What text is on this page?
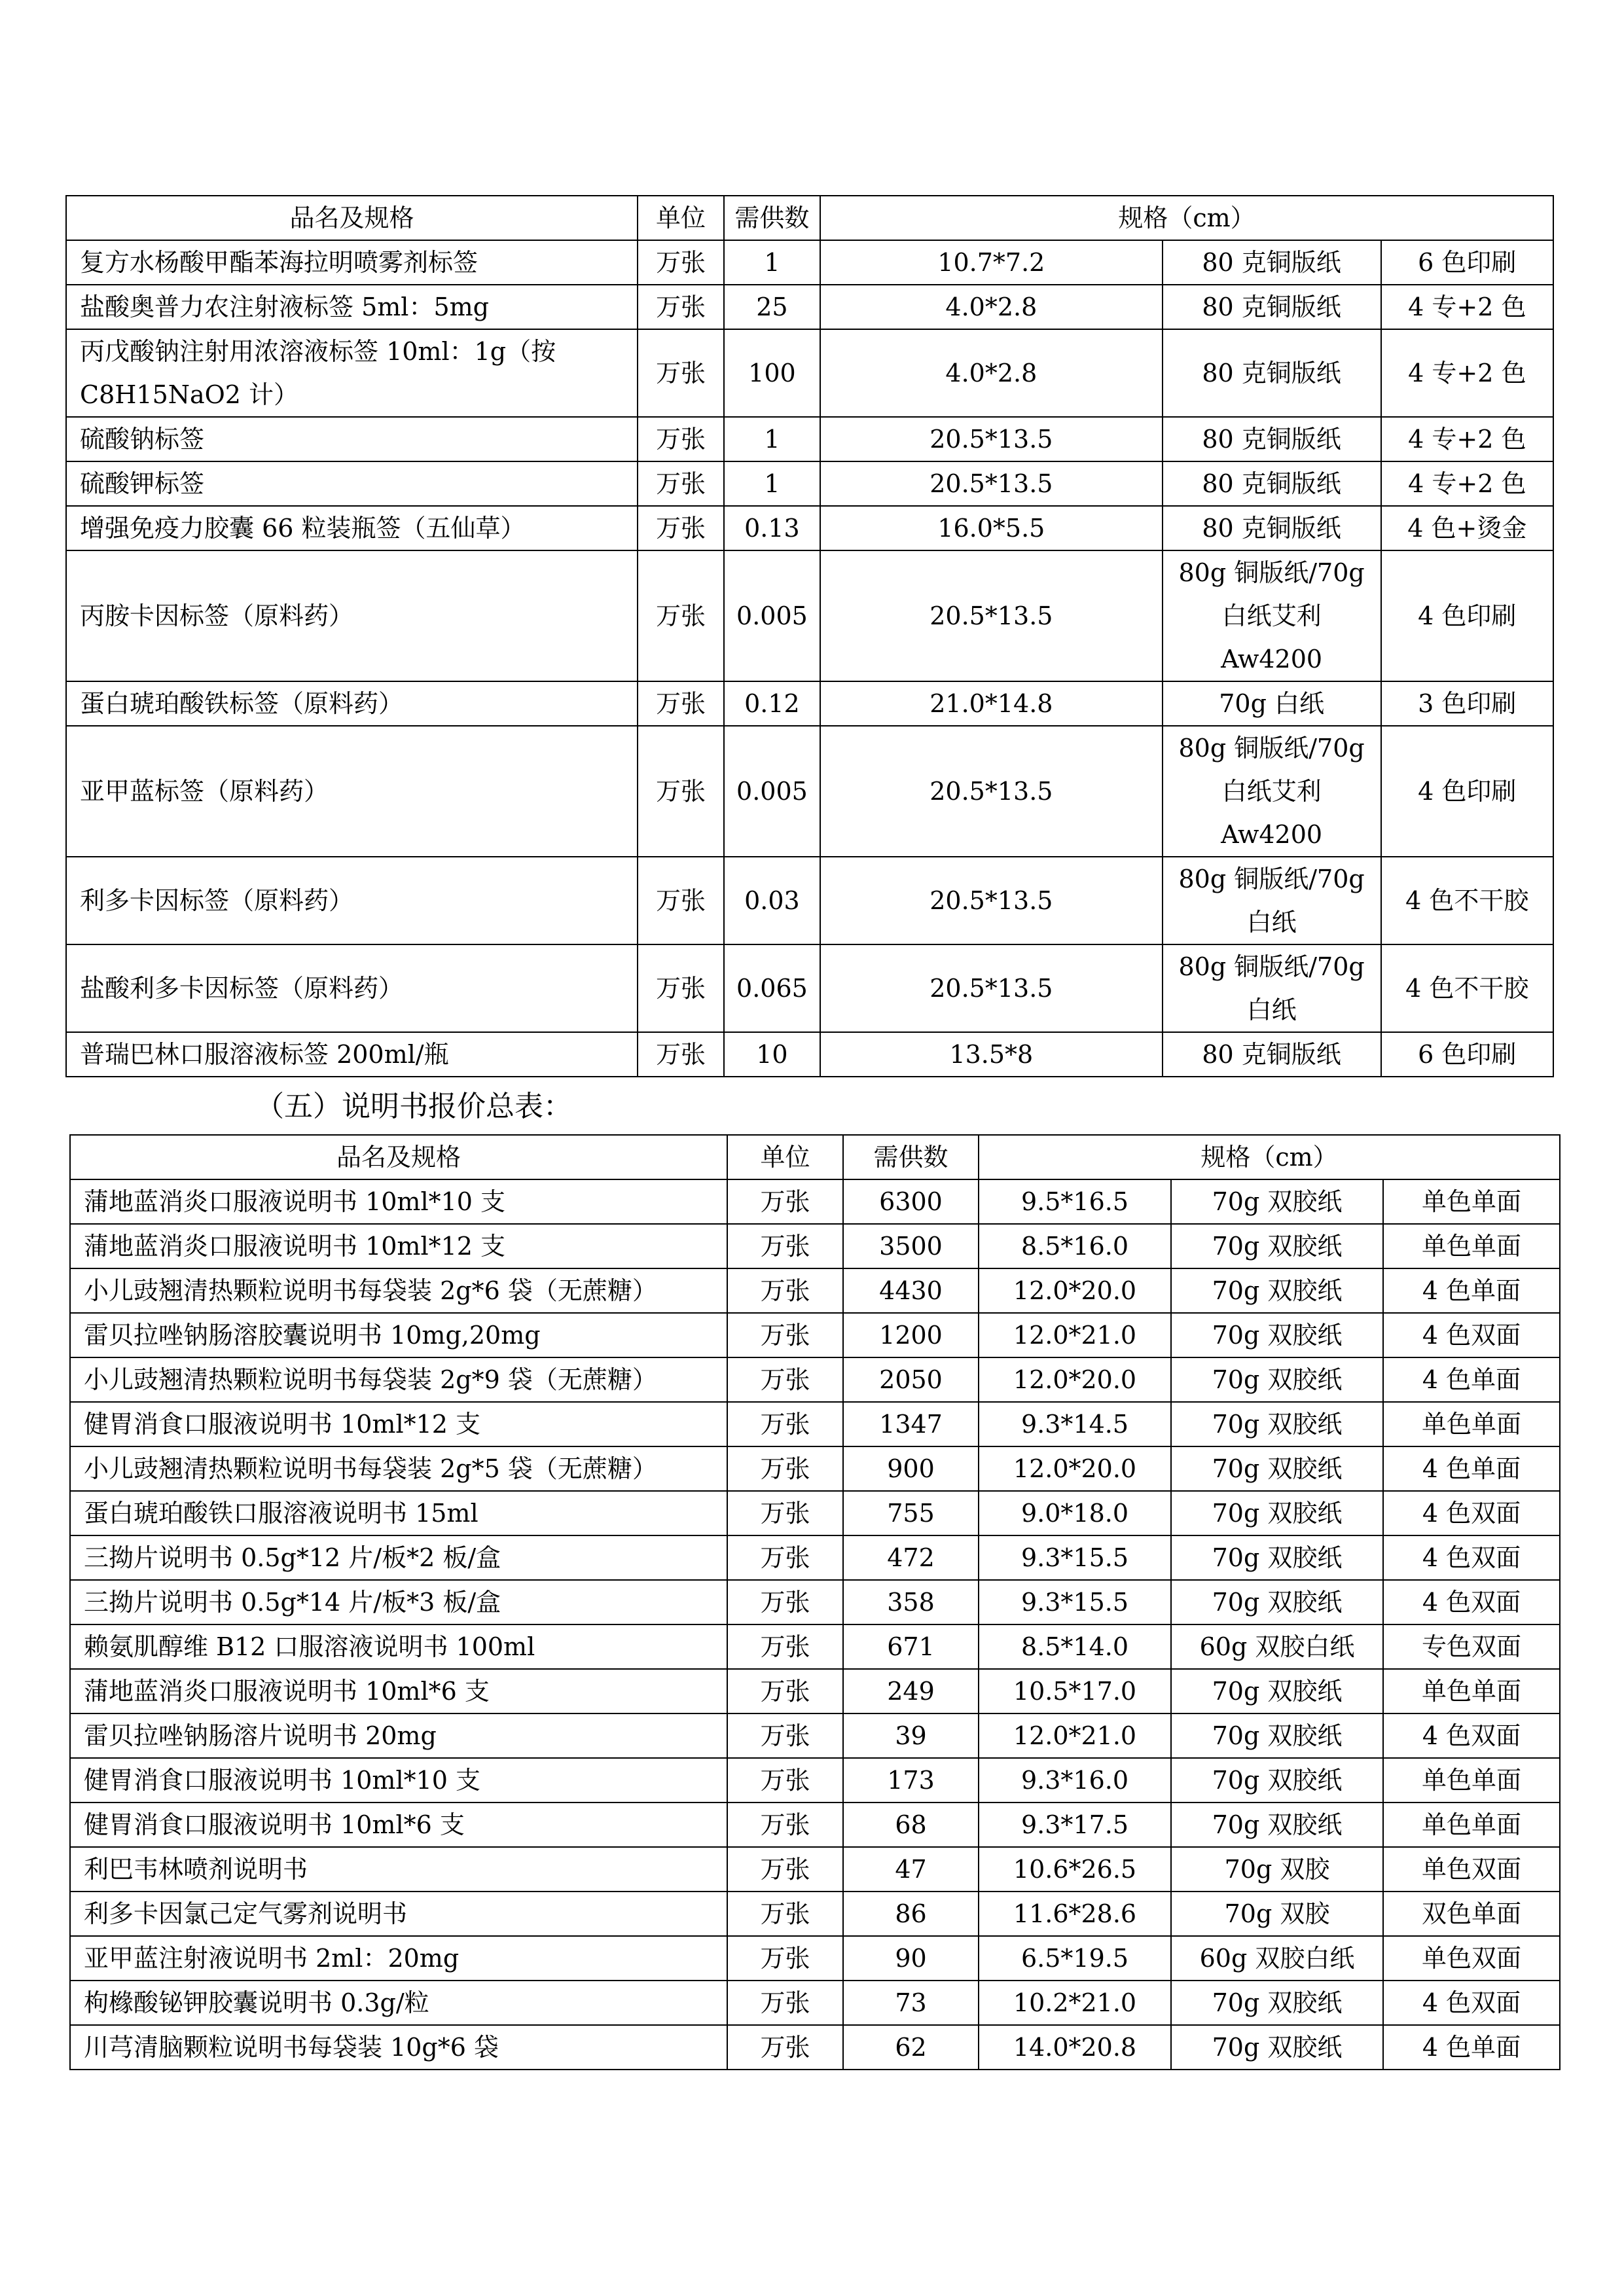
品名及规格	单位	需供数	规格（cm）		
复方水杨酸甲酯苯海拉明喷雾剂标签	万张	1	10.7*7.2	80 克铜版纸	6 色印刷
盐酸奥普力农注射液标签 5ml：5mg	万张	25	4.0*2.8	80 克铜版纸	4 专+2 色
丙戊酸钠注射用浓溶液标签 10ml：1g（按C8H15NaO2 计）	万张	100	4.0*2.8	80 克铜版纸	4 专+2 色
硫酸钠标签	万张	1	20.5*13.5	80 克铜版纸	4 专+2 色
硫酸钾标签	万张	1	20.5*13.5	80 克铜版纸	4 专+2 色
增强免疫力胶囊 66 粒装瓶签（五仙草）	万张	0.13	16.0*5.5	80 克铜版纸	4 色+烫金
丙胺卡因标签（原料药）	万张	0.005	20.5*13.5	80g 铜版纸/70g 白纸艾利 Aw4200	4 色印刷
蛋白琥珀酸铁标签（原料药）	万张	0.12	21.0*14.8	70g 白纸	3 色印刷
亚甲蓝标签（原料药）	万张	0.005	20.5*13.5	80g 铜版纸/70g 白纸艾利 Aw4200	4 色印刷
利多卡因标签（原料药）	万张	0.03	20.5*13.5	80g 铜版纸/70g 白纸	4 色不干胶
盐酸利多卡因标签（原料药）	万张	0.065	20.5*13.5	80g 铜版纸/70g 白纸	4 色不干胶
普瑞巴林口服溶液标签 200ml/瓶	万张	10	13.5*8	80 克铜版纸	6 色印刷
（五）说明书报价总表：
品名及规格	单位	需供数	规格（cm）		
蒲地蓝消炎口服液说明书 10ml*10 支	万张	6300	9.5*16.5	70g 双胶纸	单色单面
蒲地蓝消炎口服液说明书 10ml*12 支	万张	3500	8.5*16.0	70g 双胶纸	单色单面
小儿豉翘清热颗粒说明书每袋装 2g*6 袋（无蔗糖）	万张	4430	12.0*20.0	70g 双胶纸	4 色单面
雷贝拉唑钠肠溶胶囊说明书 10mg,20mg	万张	1200	12.0*21.0	70g 双胶纸	4 色双面
小儿豉翘清热颗粒说明书每袋装 2g*9 袋（无蔗糖）	万张	2050	12.0*20.0	70g 双胶纸	4 色单面
健胃消食口服液说明书 10ml*12 支	万张	1347	9.3*14.5	70g 双胶纸	单色单面
小儿豉翘清热颗粒说明书每袋装 2g*5 袋（无蔗糖）	万张	900	12.0*20.0	70g 双胶纸	4 色单面
蛋白琥珀酸铁口服溶液说明书 15ml	万张	755	9.0*18.0	70g 双胶纸	4 色双面
三拗片说明书 0.5g*12 片/板*2 板/盒	万张	472	9.3*15.5	70g 双胶纸	4 色双面
三拗片说明书 0.5g*14 片/板*3 板/盒	万张	358	9.3*15.5	70g 双胶纸	4 色双面
赖氨肌醇维 B12 口服溶液说明书 100ml	万张	671	8.5*14.0	60g 双胶白纸	专色双面
蒲地蓝消炎口服液说明书 10ml*6 支	万张	249	10.5*17.0	70g 双胶纸	单色单面
雷贝拉唑钠肠溶片说明书 20mg	万张	39	12.0*21.0	70g 双胶纸	4 色双面
健胃消食口服液说明书 10ml*10 支	万张	173	9.3*16.0	70g 双胶纸	单色单面
健胃消食口服液说明书 10ml*6 支	万张	68	9.3*17.5	70g 双胶纸	单色单面
利巴韦林喷剂说明书	万张	47	10.6*26.5	70g 双胶	单色双面
利多卡因氯己定气雾剂说明书	万张	86	11.6*28.6	70g 双胶	双色单面
亚甲蓝注射液说明书 2ml：20mg	万张	90	6.5*19.5	60g 双胶白纸	单色双面
枸橼酸铋钾胶囊说明书 0.3g/粒	万张	73	10.2*21.0	70g 双胶纸	4 色双面
川芎清脑颗粒说明书每袋装 10g*6 袋	万张	62	14.0*20.8	70g 双胶纸	4 色单面
